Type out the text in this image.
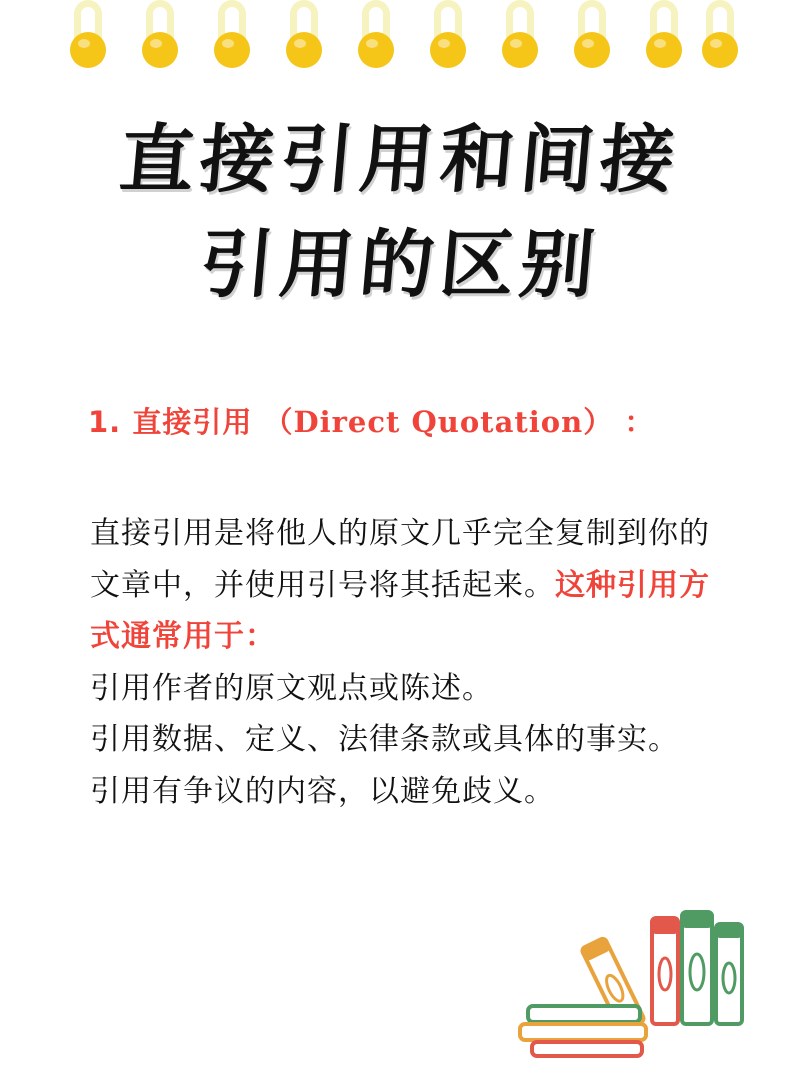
直接引用和间接
引用的区别
1. 直接引用 （Direct Quotation） ：
直接引用是将他人的原文几乎完全复制到你的文章中，并使用引号将其括起来。这种引用方式通常用于：
引用作者的原文观点或陈述。
引用数据、定义、法律条款或具体的事实。
引用有争议的内容，以避免歧义。
